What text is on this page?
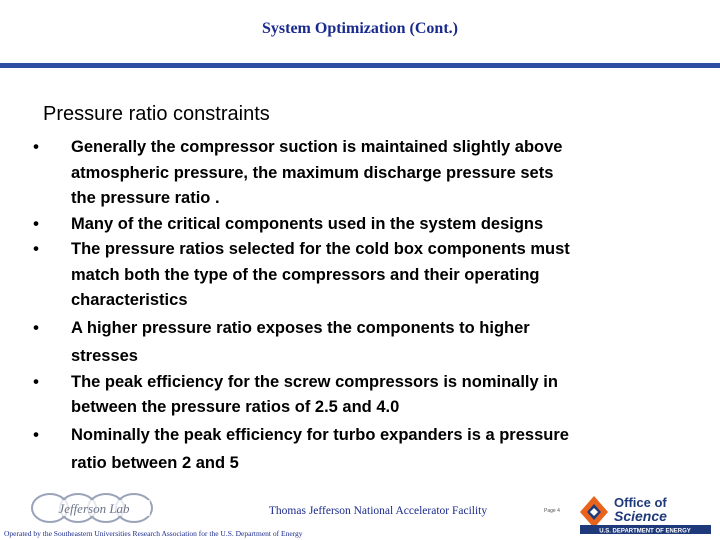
System Optimization (Cont.)
Pressure ratio constraints
•	Generally the compressor suction is maintained slightly above
atmospheric pressure, the maximum discharge pressure sets
the pressure ratio .
•	Many of the critical components used in the system designs
•	The pressure ratios selected for the cold box components must
match both the type of the compressors and their operating
characteristics
•	A higher pressure ratio exposes the components to higher
stresses
•	The peak efficiency for the screw compressors is nominally in
between the pressure ratios of 2.5 and 4.0
•	Nominally the peak efficiency for turbo expanders is a pressure
ratio between 2 and 5
Jefferson Lab	Thomas Jefferson National Accelerator Facility	Page 4
Operated by the Southeastern Universities Research Association for the U.S. Department of Energy
Office of
Science
U.S. DEPARTMENT OF ENERGY
